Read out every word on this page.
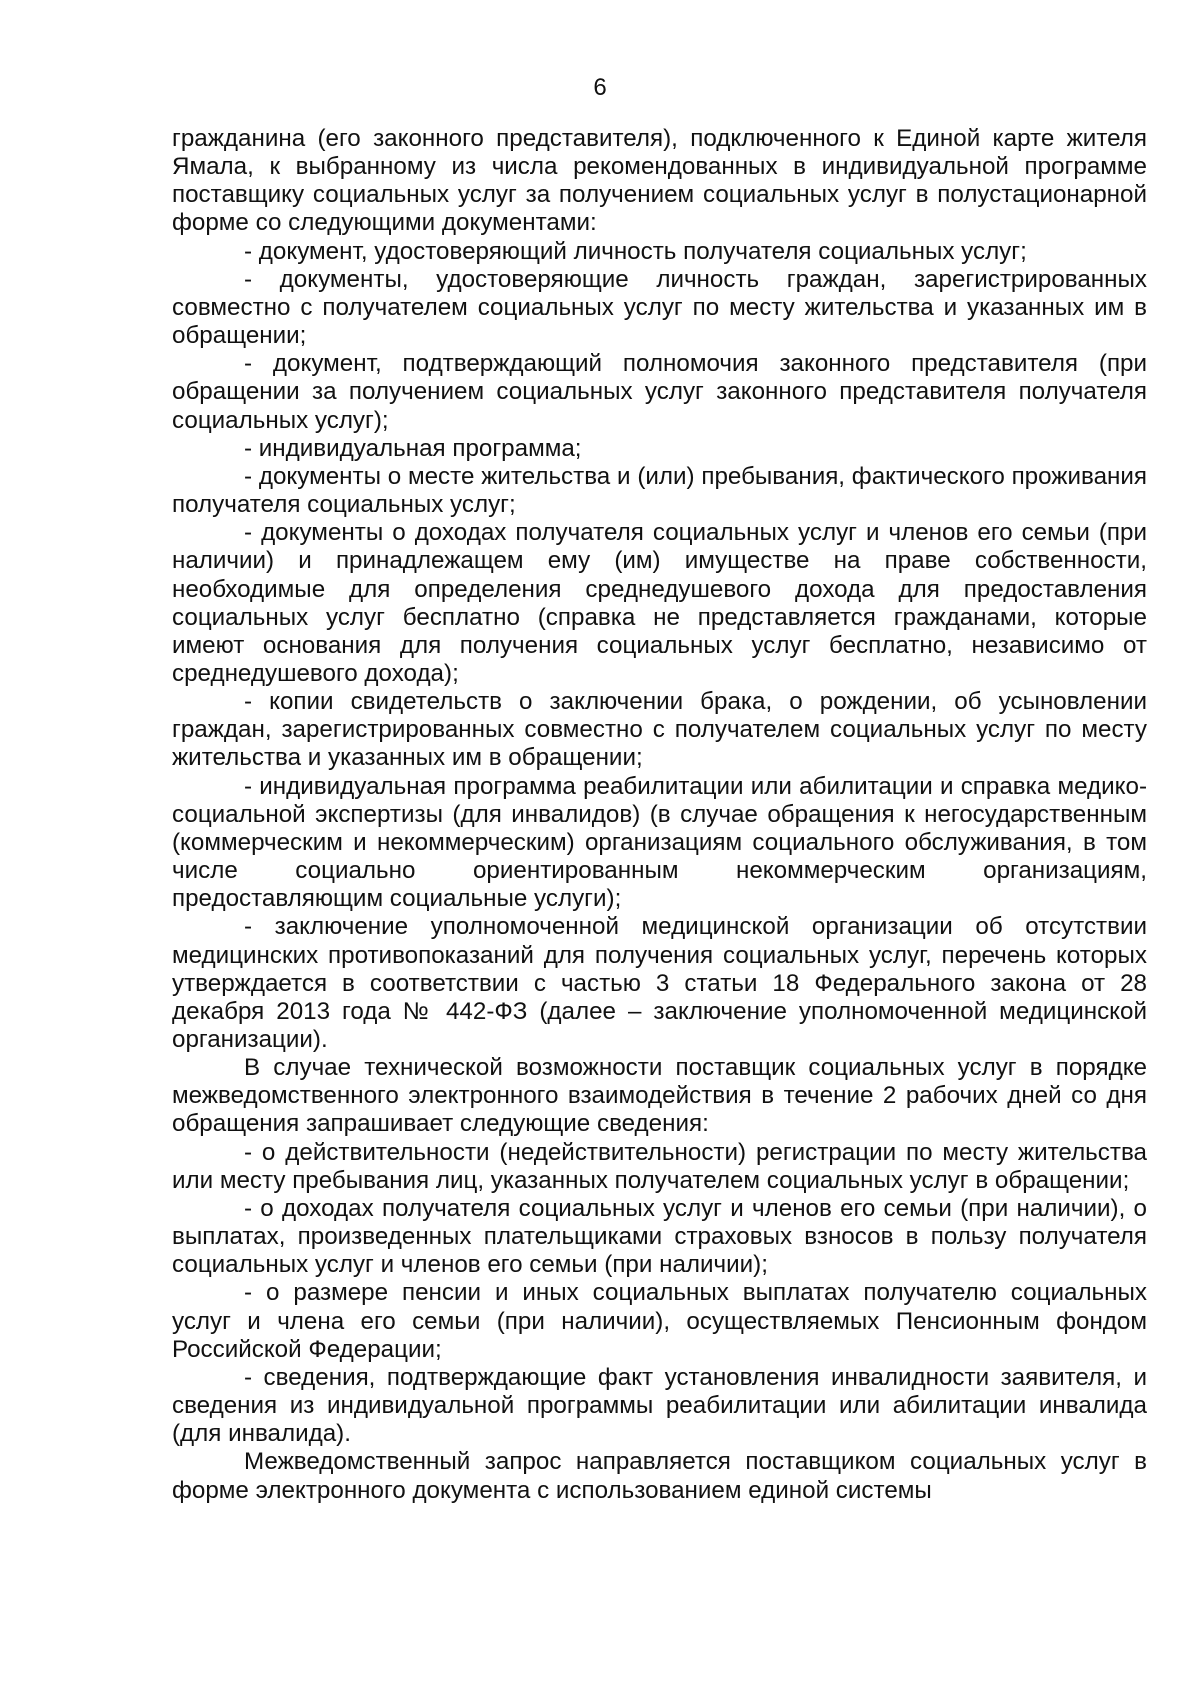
6

гражданина (его законного представителя), подключенного к Единой карте жителя Ямала, к выбранному из числа рекомендованных в индивидуальной программе поставщику социальных услуг за получением социальных услуг в полустационарной форме со следующими документами:

- документ, удостоверяющий личность получателя социальных услуг;

- документы, удостоверяющие личность граждан, зарегистрированных совместно с получателем социальных услуг по месту жительства и указанных им в обращении;

- документ, подтверждающий полномочия законного представителя (при обращении за получением социальных услуг законного представителя получателя социальных услуг);

- индивидуальная программа;

- документы о месте жительства и (или) пребывания, фактического проживания получателя социальных услуг;

- документы о доходах получателя социальных услуг и членов его семьи (при наличии) и принадлежащем ему (им) имуществе на праве собственности, необходимые для определения среднедушевого дохода для предоставления социальных услуг бесплатно (справка не представляется гражданами, которые имеют основания для получения социальных услуг бесплатно, независимо от среднедушевого дохода);

- копии свидетельств о заключении брака, о рождении, об усыновлении граждан, зарегистрированных совместно с получателем социальных услуг по месту жительства и указанных им в обращении;

- индивидуальная программа реабилитации или абилитации и справка медико-социальной экспертизы (для инвалидов) (в случае обращения к негосударственным (коммерческим и некоммерческим) организациям социального обслуживания, в том числе социально ориентированным некоммерческим организациям, предоставляющим социальные услуги);

- заключение уполномоченной медицинской организации об отсутствии медицинских противопоказаний для получения социальных услуг, перечень которых утверждается в соответствии с частью 3 статьи 18 Федерального закона от 28 декабря 2013 года № 442-ФЗ (далее – заключение уполномоченной медицинской организации).

В случае технической возможности поставщик социальных услуг в порядке межведомственного электронного взаимодействия в течение 2 рабочих дней со дня обращения запрашивает следующие сведения:

- о действительности (недействительности) регистрации по месту жительства или месту пребывания лиц, указанных получателем социальных услуг в обращении;

- о доходах получателя социальных услуг и членов его семьи (при наличии), о выплатах, произведенных плательщиками страховых взносов в пользу получателя социальных услуг и членов его семьи (при наличии);

- о размере пенсии и иных социальных выплатах получателю социальных услуг и члена его семьи (при наличии), осуществляемых Пенсионным фондом Российской Федерации;

- сведения, подтверждающие факт установления инвалидности заявителя, и сведения из индивидуальной программы реабилитации или абилитации инвалида (для инвалида).

Межведомственный запрос направляется поставщиком социальных услуг в форме электронного документа с использованием единой системы
